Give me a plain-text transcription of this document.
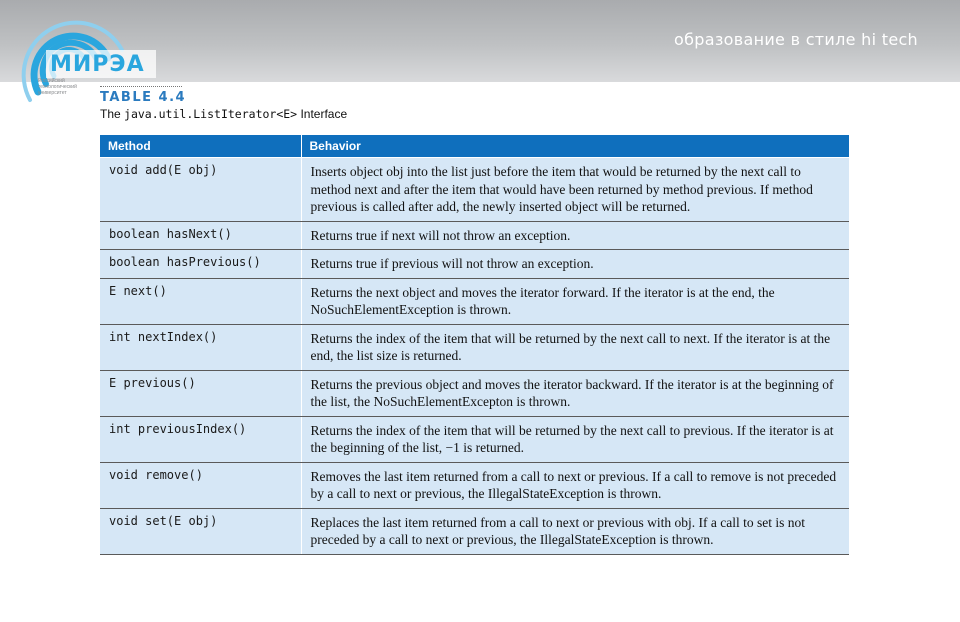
образование в стиле hi tech
МИРЭА
Российский
технологический
университет	TABLE 4.4
The java.util.ListIterator<E> Interface
Method	Behavior
void add(E obj)	Inserts object obj into the list just before the item that would be returned by the next call to method next and after the item that would have been returned by method previous. If method previous is called after add, the newly inserted object will be returned.
boolean hasNext()	Returns true if next will not throw an exception.
boolean hasPrevious()	Returns true if previous will not throw an exception.
E next()	Returns the next object and moves the iterator forward. If the iterator is at the end, the NoSuchElementException is thrown.
int nextIndex()	Returns the index of the item that will be returned by the next call to next. If the iterator is at the end, the list size is returned.
E previous()	Returns the previous object and moves the iterator backward. If the iterator is at the beginning of the list, the NoSuchElementExcepton is thrown.
int previousIndex()	Returns the index of the item that will be returned by the next call to previous. If the iterator is at the beginning of the list, −1 is returned.
void remove()	Removes the last item returned from a call to next or previous. If a call to remove is not preceded by a call to next or previous, the IllegalStateException is thrown.
void set(E obj)	Replaces the last item returned from a call to next or previous with obj. If a call to set is not preceded by a call to next or previous, the IllegalStateException is thrown.
